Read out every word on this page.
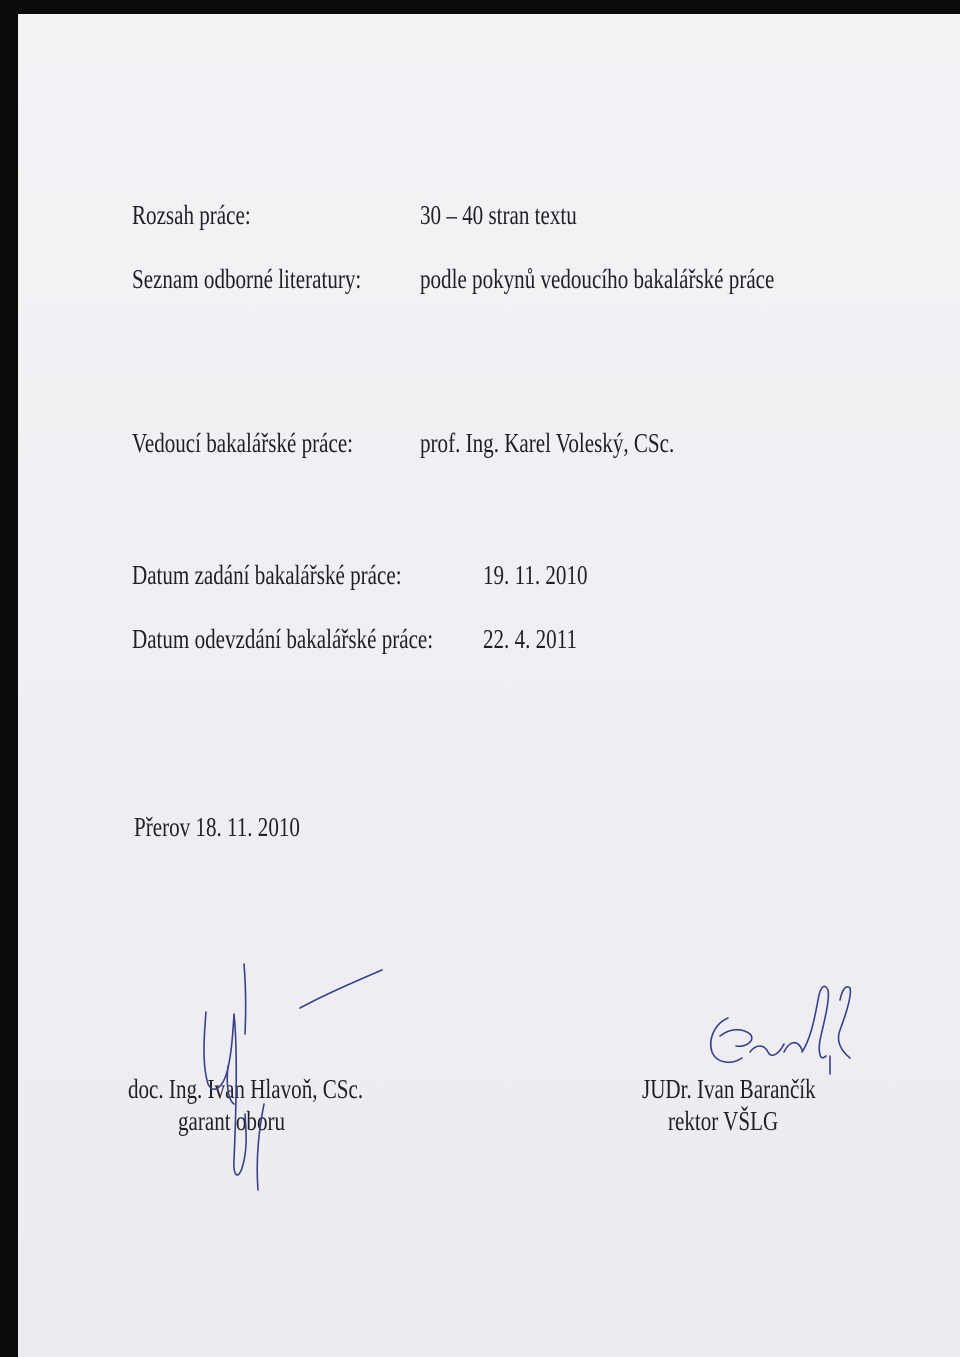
Rozsah práce:	30 – 40 stran textu

Seznam odborné literatury: podle pokynů vedoucího bakalářské práce

Vedoucí bakalářské práce: prof. Ing. Karel Voleský, CSc.

Datum zadání bakalářské práce:	19. 11. 2010

Datum odevzdání bakalářské práce: 22. 4. 2011

Přerov 18. 11. 2010

doc. Ing. Ivan Hlavoň, CSc.

garant oboru

JUDr. Ivan Barančík

rektor VŠLG
